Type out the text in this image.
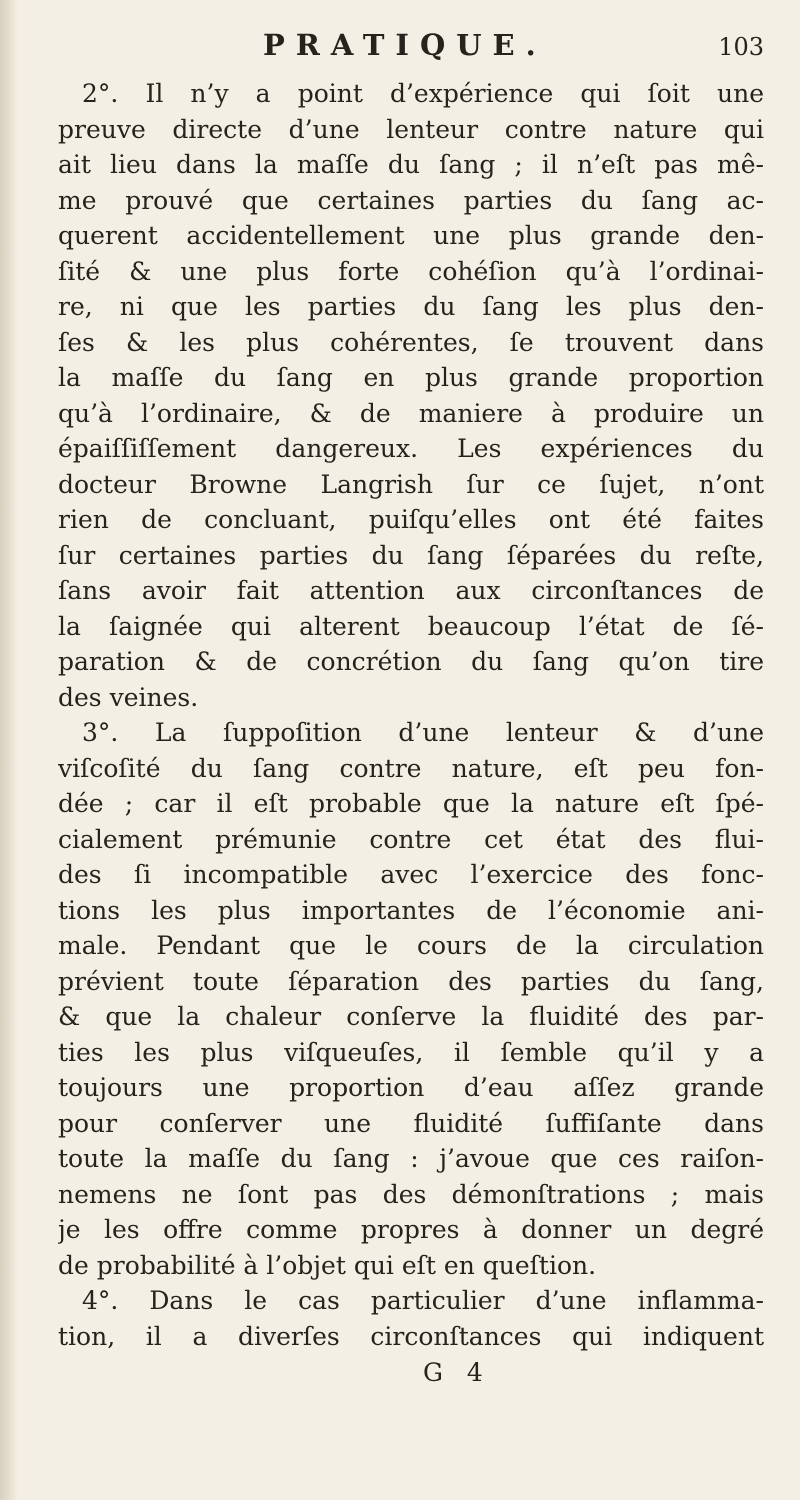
PRATIQUE.	103
2°. Il n’y a point d’expérience qui ſoit une
preuve directe d’une lenteur contre nature qui
ait lieu dans la maſſe du ſang ; il n’eſt pas mê-
me prouvé que certaines parties du ſang ac-
querent accidentellement une plus grande den-
ſité & une plus forte cohéſion qu’à l’ordinai-
re, ni que les parties du ſang les plus den-
ſes & les plus cohérentes, ſe trouvent dans
la maſſe du ſang en plus grande proportion
qu’à l’ordinaire, & de maniere à produire un
épaiſſiſſement dangereux. Les expériences du
docteur Browne Langrish ſur ce ſujet, n’ont
rien de concluant, puiſqu’elles ont été faites
ſur certaines parties du ſang ſéparées du reſte,
ſans avoir fait attention aux circonſtances de
la ſaignée qui alterent beaucoup l’état de ſé-
paration & de concrétion du ſang qu’on tire
des veines.
3°. La ſuppoſition d’une lenteur & d’une
viſcoſité du ſang contre nature, eſt peu fon-
dée ; car il eſt probable que la nature eſt ſpé-
cialement prémunie contre cet état des flui-
des ſi incompatible avec l’exercice des fonc-
tions les plus importantes de l’économie ani-
male. Pendant que le cours de la circulation
prévient toute ſéparation des parties du ſang,
& que la chaleur conſerve la fluidité des par-
ties les plus viſqueuſes, il ſemble qu’il y a
toujours une proportion d’eau aſſez grande
pour conſerver une fluidité ſuffiſante dans
toute la maſſe du ſang : j’avoue que ces raiſon-
nemens ne ſont pas des démonſtrations ; mais
je les offre comme propres à donner un degré
de probabilité à l’objet qui eſt en queſtion.
4°. Dans le cas particulier d’une inflamma-
tion, il a diverſes circonſtances qui indiquent
G 4
